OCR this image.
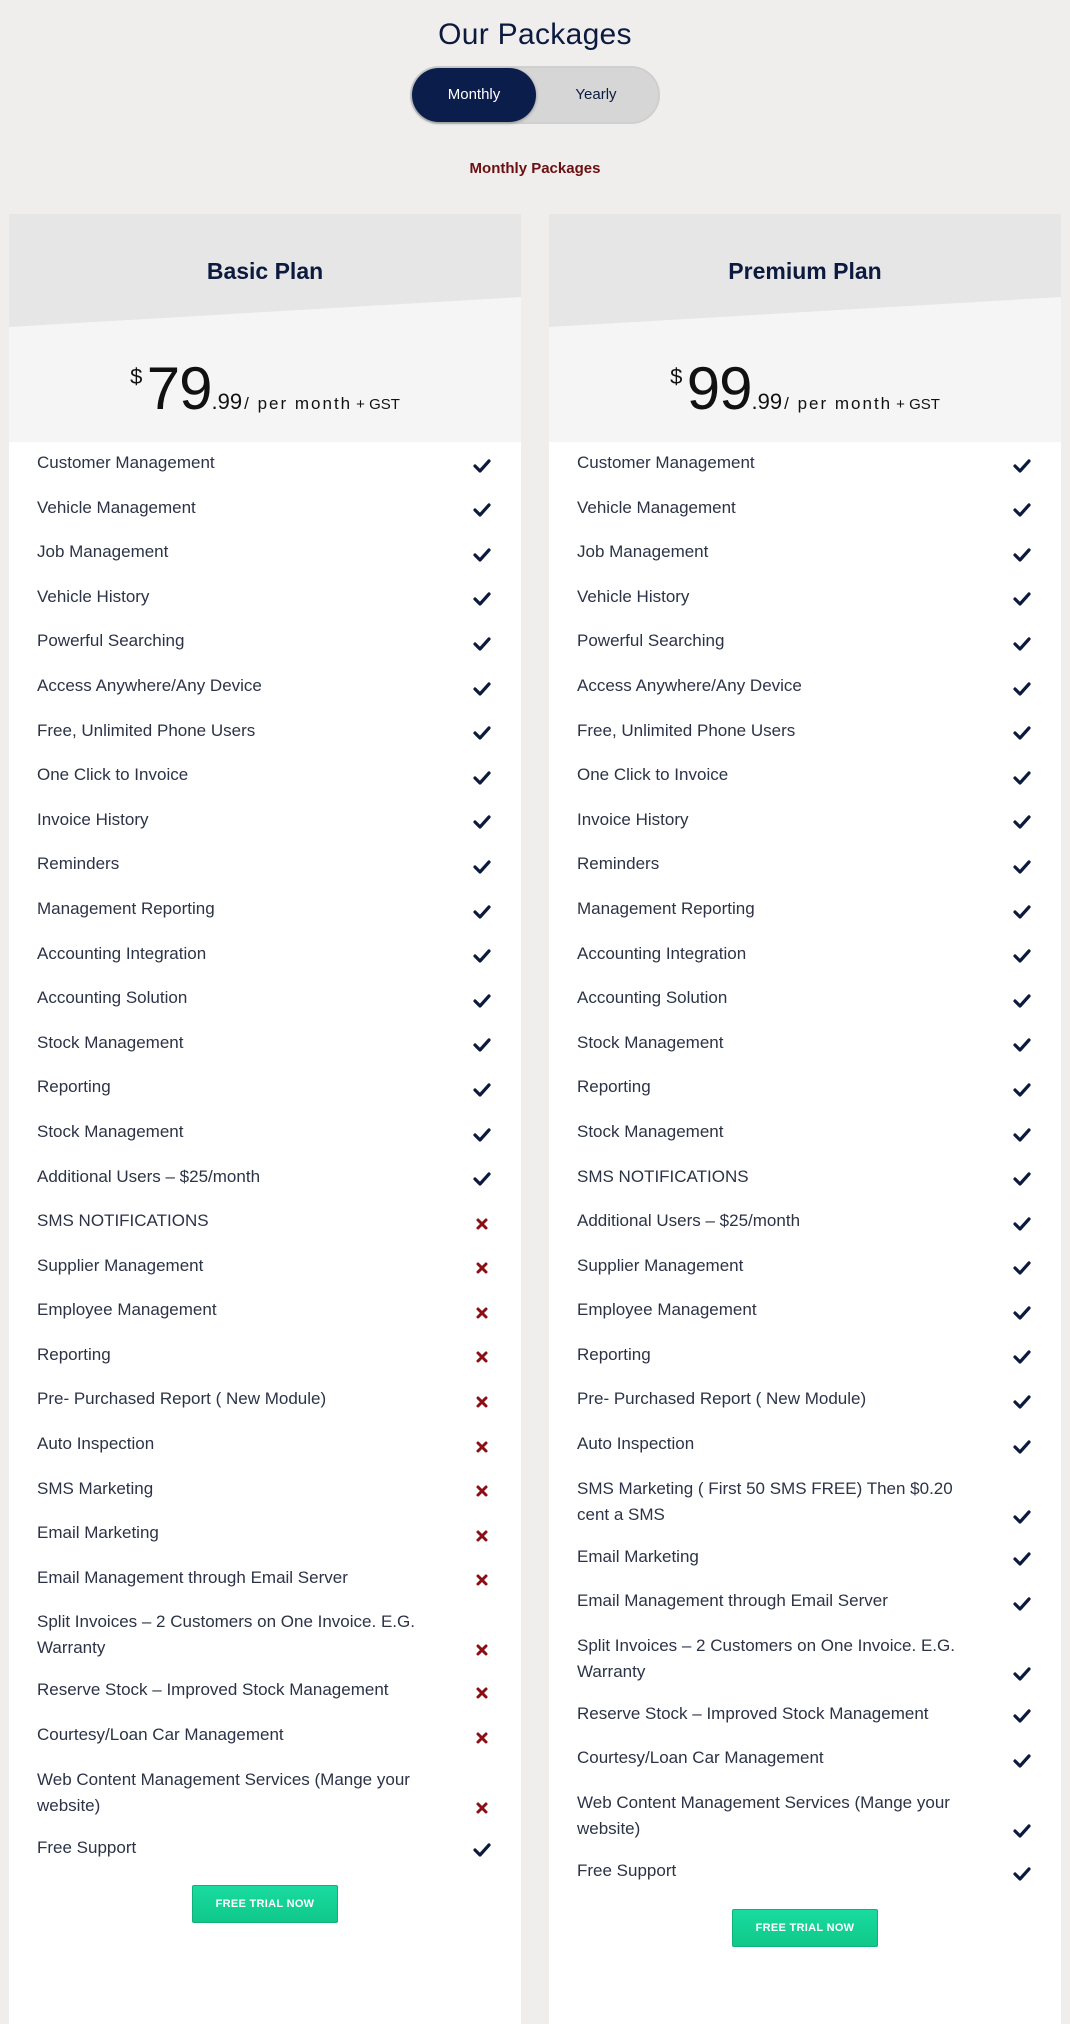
Our Packages
Monthly	Yearly
Monthly Packages
Basic Plan
$ 79.99 / per month + GST
Customer Management
Vehicle Management
Job Management
Vehicle History
Powerful Searching
Access Anywhere/Any Device
Free, Unlimited Phone Users
One Click to Invoice
Invoice History
Reminders
Management Reporting
Accounting Integration
Accounting Solution
Stock Management
Reporting
Stock Management
Additional Users – $25/month
SMS NOTIFICATIONS
Supplier Management
Employee Management
Reporting
Pre- Purchased Report ( New Module)
Auto Inspection
SMS Marketing
Email Marketing
Email Management through Email Server
Split Invoices – 2 Customers on One Invoice. E.G. Warranty
Reserve Stock – Improved Stock Management
Courtesy/Loan Car Management
Web Content Management Services (Mange your website)
Free Support
FREE TRIAL NOW
Premium Plan
$ 99.99 / per month + GST
Customer Management
Vehicle Management
Job Management
Vehicle History
Powerful Searching
Access Anywhere/Any Device
Free, Unlimited Phone Users
One Click to Invoice
Invoice History
Reminders
Management Reporting
Accounting Integration
Accounting Solution
Stock Management
Reporting
Stock Management
SMS NOTIFICATIONS
Additional Users – $25/month
Supplier Management
Employee Management
Reporting
Pre- Purchased Report ( New Module)
Auto Inspection
SMS Marketing ( First 50 SMS FREE) Then $0.20 cent a SMS
Email Marketing
Email Management through Email Server
Split Invoices – 2 Customers on One Invoice. E.G. Warranty
Reserve Stock – Improved Stock Management
Courtesy/Loan Car Management
Web Content Management Services (Mange your website)
Free Support
FREE TRIAL NOW
